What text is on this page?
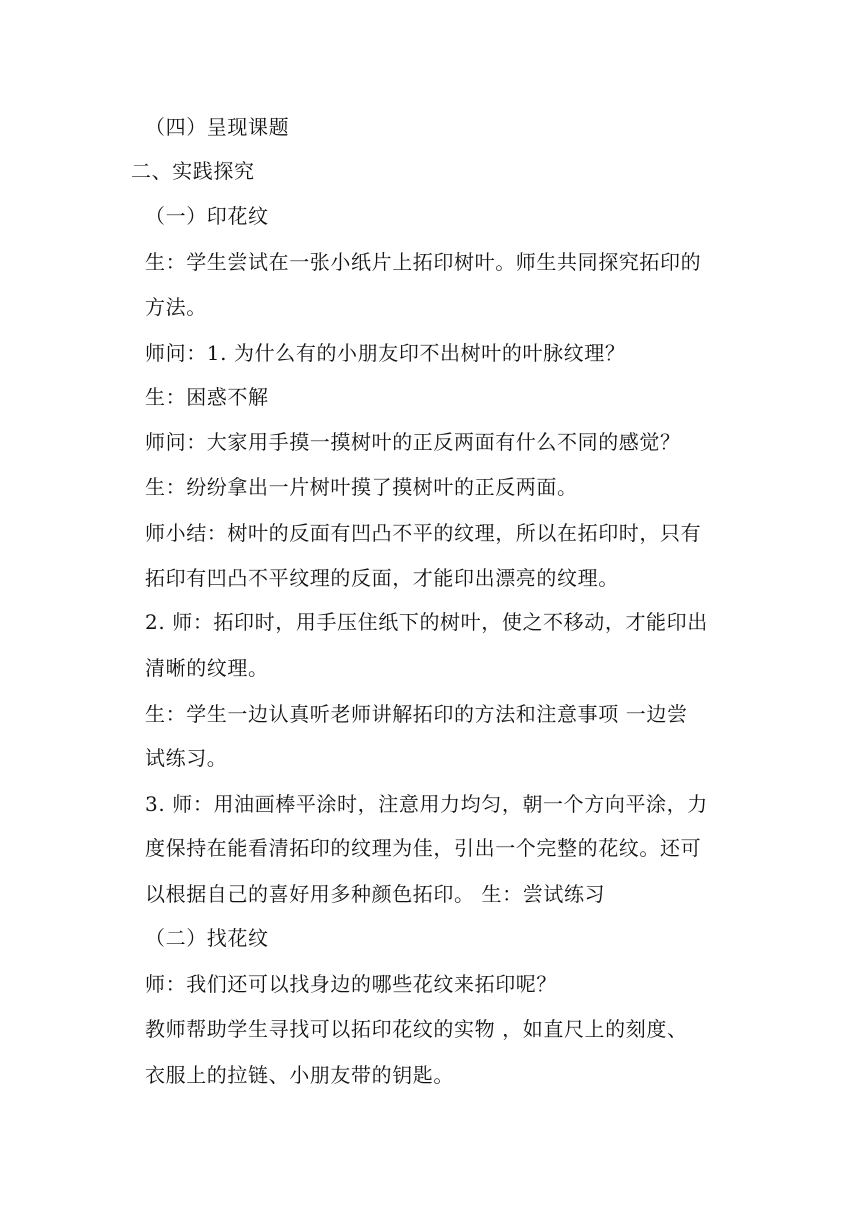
（四）呈现课题
二、实践探究
（一）印花纹
生：学生尝试在一张小纸片上拓印树叶。师生共同探究拓印的
方法。
师问：1. 为什么有的小朋友印不出树叶的叶脉纹理？
生：困惑不解
师问：大家用手摸一摸树叶的正反两面有什么不同的感觉？
生：纷纷拿出一片树叶摸了摸树叶的正反两面。
师小结：树叶的反面有凹凸不平的纹理，所以在拓印时，只有
拓印有凹凸不平纹理的反面，才能印出漂亮的纹理。
2. 师：拓印时，用手压住纸下的树叶，使之不移动，才能印出
清晰的纹理。
生：学生一边认真听老师讲解拓印的方法和注意事项 一边尝
试练习。
3. 师：用油画棒平涂时，注意用力均匀，朝一个方向平涂，力
度保持在能看清拓印的纹理为佳，引出一个完整的花纹。还可
以根据自己的喜好用多种颜色拓印。 生：尝试练习
（二）找花纹
师：我们还可以找身边的哪些花纹来拓印呢？
教师帮助学生寻找可以拓印花纹的实物 ，如直尺上的刻度、
衣服上的拉链、小朋友带的钥匙。
